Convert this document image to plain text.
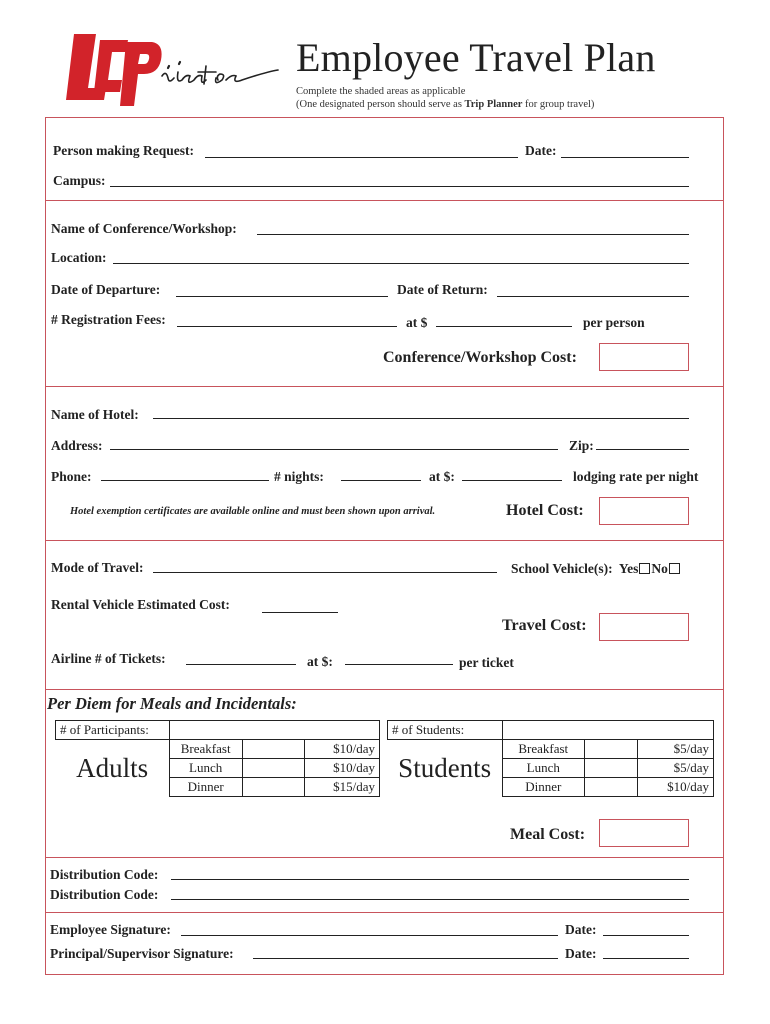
Employee Travel Plan
Complete the shaded areas as applicable
(One designated person should serve as Trip Planner for group travel)
Person making Request:	Date:
Campus:
Name of Conference/Workshop:
Location:
Date of Departure:	Date of Return:
# Registration Fees:	at $	per person
Conference/Workshop Cost:
Name of Hotel:
Address:	Zip:
Phone:	# nights:	at $:	lodging rate per night
Hotel exemption certificates are available online and must been shown upon arrival.	Hotel Cost:
Mode of Travel:	School Vehicle(s): Yes No
Rental Vehicle Estimated Cost:
Travel Cost:
Airline # of Tickets:	at $:	per ticket
Per Diem for Meals and Incidentals:
# of Participants:			
Adults	Breakfast		$10/day
	Lunch		$10/day
	Dinner		$15/day
# of Students:			
Students	Breakfast		$5/day
	Lunch		$5/day
	Dinner		$10/day
Meal Cost:
Distribution Code:
Distribution Code:
Employee Signature:	Date:
Principal/Supervisor Signature:	Date:
